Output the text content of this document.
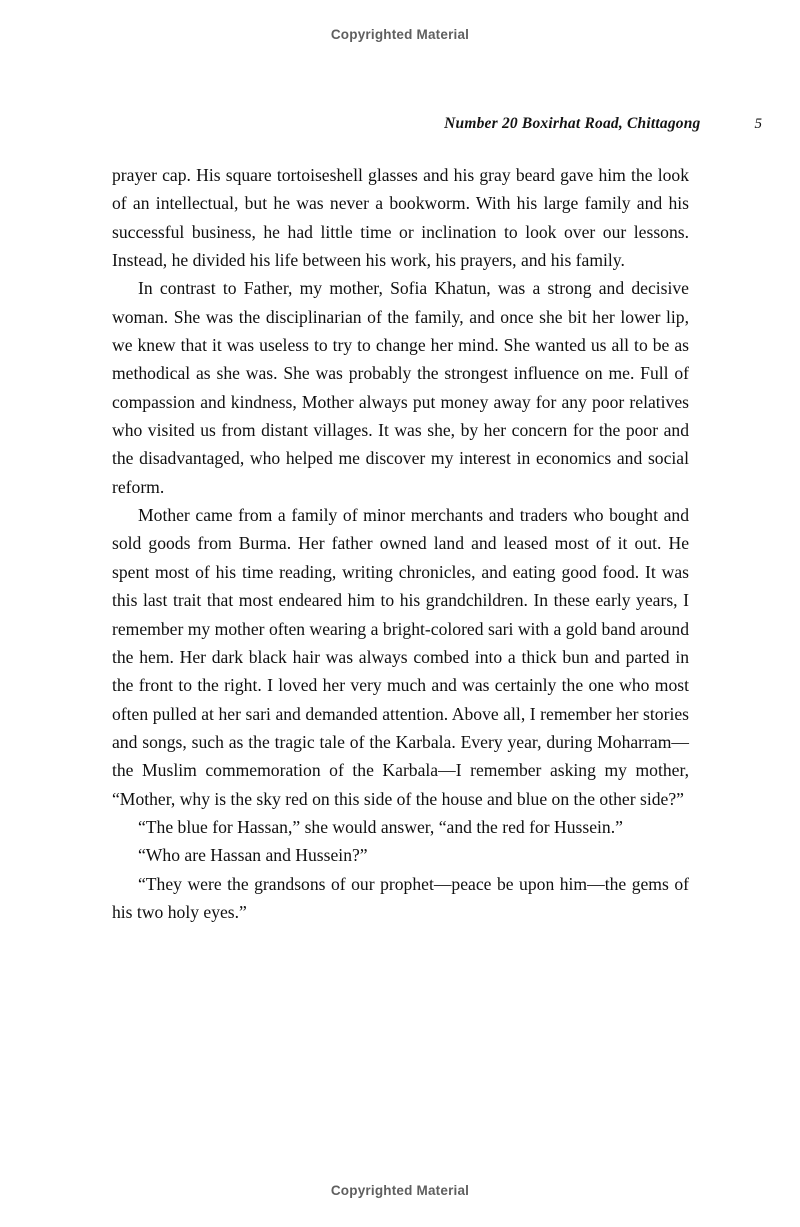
Copyrighted Material
Number 20 Boxirhat Road, Chittagong	5

prayer cap. His square tortoiseshell glasses and his gray beard gave him the look of an intellectual, but he was never a bookworm. With his large family and his successful business, he had little time or inclination to look over our lessons. Instead, he divided his life between his work, his prayers, and his family.

In contrast to Father, my mother, Sofia Khatun, was a strong and decisive woman. She was the disciplinarian of the family, and once she bit her lower lip, we knew that it was useless to try to change her mind. She wanted us all to be as methodical as she was. She was probably the strongest influence on me. Full of compassion and kindness, Mother always put money away for any poor relatives who visited us from distant villages. It was she, by her concern for the poor and the disadvantaged, who helped me discover my interest in economics and social reform.

Mother came from a family of minor merchants and traders who bought and sold goods from Burma. Her father owned land and leased most of it out. He spent most of his time reading, writing chronicles, and eating good food. It was this last trait that most endeared him to his grandchildren. In these early years, I remember my mother often wearing a bright-colored sari with a gold band around the hem. Her dark black hair was always combed into a thick bun and parted in the front to the right. I loved her very much and was certainly the one who most often pulled at her sari and demanded attention. Above all, I remember her stories and songs, such as the tragic tale of the Karbala. Every year, during Moharram—the Muslim commemoration of the Karbala—I remember asking my mother, “Mother, why is the sky red on this side of the house and blue on the other side?”

“The blue for Hassan,” she would answer, “and the red for Hussein.”

“Who are Hassan and Hussein?”

“They were the grandsons of our prophet—peace be upon him—the gems of his two holy eyes.”

Copyrighted Material
